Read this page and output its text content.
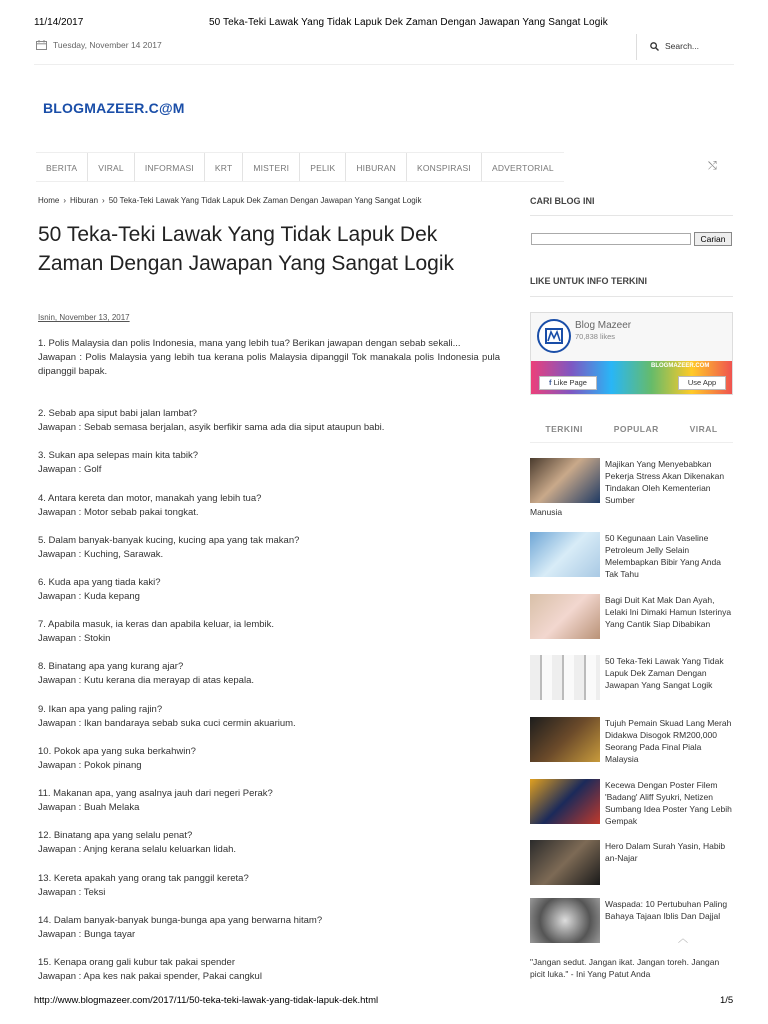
11/14/2017	50 Teka-Teki Lawak Yang Tidak Lapuk Dek Zaman Dengan Jawapan Yang Sangat Logik
Tuesday, November 14 2017	Search...
BLOGMAZEER.C@M
BERITA	VIRAL	INFORMASI	KRT	MISTERI	PELIK	HIBURAN	KONSPIRASI	ADVERTORIAL	⤭
Home › Hiburan › 50 Teka-Teki Lawak Yang Tidak Lapuk Dek Zaman Dengan Jawapan Yang Sangat Logik
50 Teka-Teki Lawak Yang Tidak Lapuk Dek Zaman Dengan Jawapan Yang Sangat Logik
Isnin, November 13, 2017
1. Polis Malaysia dan polis Indonesia, mana yang lebih tua? Berikan jawapan dengan sebab sekali...
Jawapan : Polis Malaysia yang lebih tua kerana polis Malaysia dipanggil Tok manakala polis Indonesia pula dipanggil bapak.
2. Sebab apa siput babi jalan lambat?
Jawapan : Sebab semasa berjalan, asyik berfikir sama ada dia siput ataupun babi.
3. Sukan apa selepas main kita tabik?
Jawapan : Golf
4. Antara kereta dan motor, manakah yang lebih tua?
Jawapan : Motor sebab pakai tongkat.
5. Dalam banyak-banyak kucing, kucing apa yang tak makan?
Jawapan : Kuching, Sarawak.
6. Kuda apa yang tiada kaki?
Jawapan : Kuda kepang
7. Apabila masuk, ia keras dan apabila keluar, ia lembik.
Jawapan : Stokin
8. Binatang apa yang kurang ajar?
Jawapan : Kutu kerana dia merayap di atas kepala.
9. Ikan apa yang paling rajin?
Jawapan : Ikan bandaraya sebab suka cuci cermin akuarium.
10. Pokok apa yang suka berkahwin?
Jawapan : Pokok pinang
11. Makanan apa, yang asalnya jauh dari negeri Perak?
Jawapan : Buah Melaka
12. Binatang apa yang selalu penat?
Jawapan : Anjng kerana selalu keluarkan lidah.
13. Kereta apakah yang orang tak panggil kereta?
Jawapan : Teksi
14. Dalam banyak-banyak bunga-bunga apa yang berwarna hitam?
Jawapan : Bunga tayar
15. Kenapa orang gali kubur tak pakai spender
Jawapan : Apa kes nak pakai spender, Pakai cangkul
CARI BLOG INI
Carian
LIKE UNTUK INFO TERKINI
Blog Mazeer
70,838 likes
BLOGMAZEER.COM
f Like Page	Use App
TERKINI	POPULAR	VIRAL
Majikan Yang Menyebabkan Pekerja Stress Akan Dikenakan Tindakan Oleh Kementerian Sumber
Manusia
50 Kegunaan Lain Vaseline Petroleum Jelly Selain Melembapkan Bibir Yang Anda Tak Tahu
Bagi Duit Kat Mak Dan Ayah, Lelaki Ini Dimaki Hamun Isterinya Yang Cantik Siap Dibabikan
50 Teka-Teki Lawak Yang Tidak Lapuk Dek Zaman Dengan Jawapan Yang Sangat Logik
Tujuh Pemain Skuad Lang Merah Didakwa Disogok RM200,000 Seorang Pada Final Piala Malaysia
Kecewa Dengan Poster Filem 'Badang' Aliff Syukri, Netizen Sumbang Idea Poster Yang Lebih Gempak
Hero Dalam Surah Yasin, Habib an-Najar
Waspada: 10 Pertubuhan Paling Bahaya Tajaan Iblis Dan Dajjal
︿
"Jangan sedut. Jangan ikat. Jangan toreh. Jangan picit luka." - Ini Yang Patut Anda
http://www.blogmazeer.com/2017/11/50-teka-teki-lawak-yang-tidak-lapuk-dek.html	1/5
